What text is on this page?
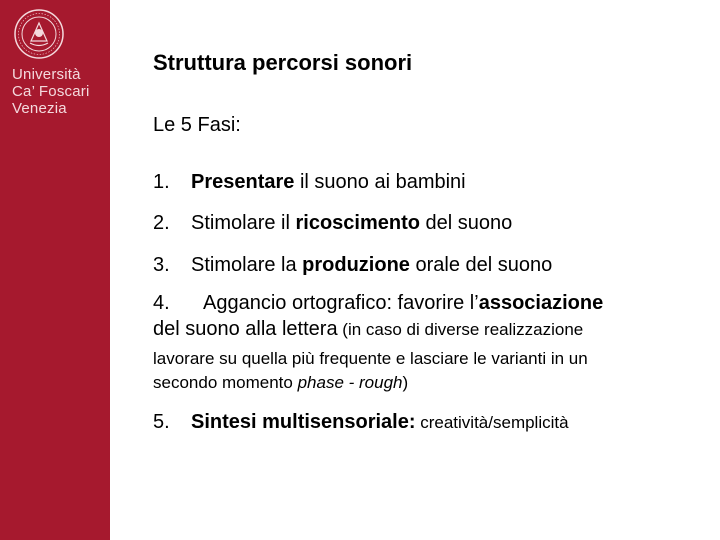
Università
Ca’ Foscari
Venezia
Struttura percorsi sonori
Le 5 Fasi:
1. Presentare il suono ai bambini
2. Stimolare il ricoscimento del suono
3. Stimolare la produzione orale del suono
4. Aggancio ortografico: favorire l’associazione
del suono alla lettera (in caso di diverse realizzazione
lavorare su quella più frequente e lasciare le varianti in un
secondo momento phase - rough)
5. Sintesi multisensoriale: creatività/semplicità
